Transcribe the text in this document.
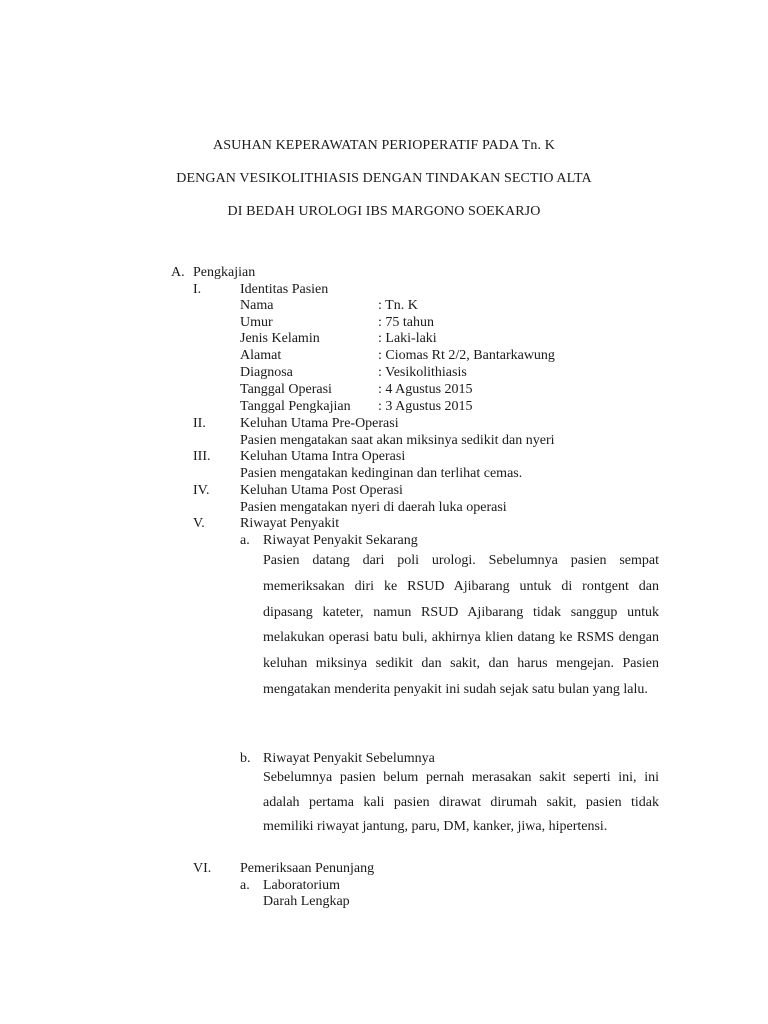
ASUHAN KEPERAWATAN PERIOPERATIF PADA Tn. K
DENGAN VESIKOLITHIASIS DENGAN TINDAKAN SECTIO ALTA
DI BEDAH UROLOGI IBS MARGONO SOEKARJO
A. Pengkajian
I.	Identitas Pasien
Nama	: Tn. K
Umur	: 75 tahun
Jenis Kelamin	: Laki-laki
Alamat	: Ciomas Rt 2/2, Bantarkawung
Diagnosa	: Vesikolithiasis
Tanggal Operasi	: 4 Agustus 2015
Tanggal Pengkajian : 3 Agustus 2015
II. Keluhan Utama Pre-Operasi
Pasien mengatakan saat akan miksinya sedikit dan nyeri
III. Keluhan Utama Intra Operasi
Pasien mengatakan kedinginan dan terlihat cemas.
IV. Keluhan Utama Post Operasi
Pasien mengatakan nyeri di daerah luka operasi
V.	Riwayat Penyakit
a. Riwayat Penyakit Sekarang
Pasien datang dari poli urologi. Sebelumnya pasien sempat memeriksakan diri ke RSUD Ajibarang untuk di rontgent dan dipasang kateter, namun RSUD Ajibarang tidak sanggup untuk melakukan operasi batu buli, akhirnya klien datang ke RSMS dengan keluhan miksinya sedikit dan sakit, dan harus mengejan. Pasien mengatakan menderita penyakit ini sudah sejak satu bulan yang lalu.
b. Riwayat Penyakit Sebelumnya
Sebelumnya pasien belum pernah merasakan sakit seperti ini, ini adalah pertama kali pasien dirawat dirumah sakit, pasien tidak memiliki riwayat jantung, paru, DM, kanker, jiwa, hipertensi.
VI. Pemeriksaan Penunjang
a. Laboratorium
Darah Lengkap
